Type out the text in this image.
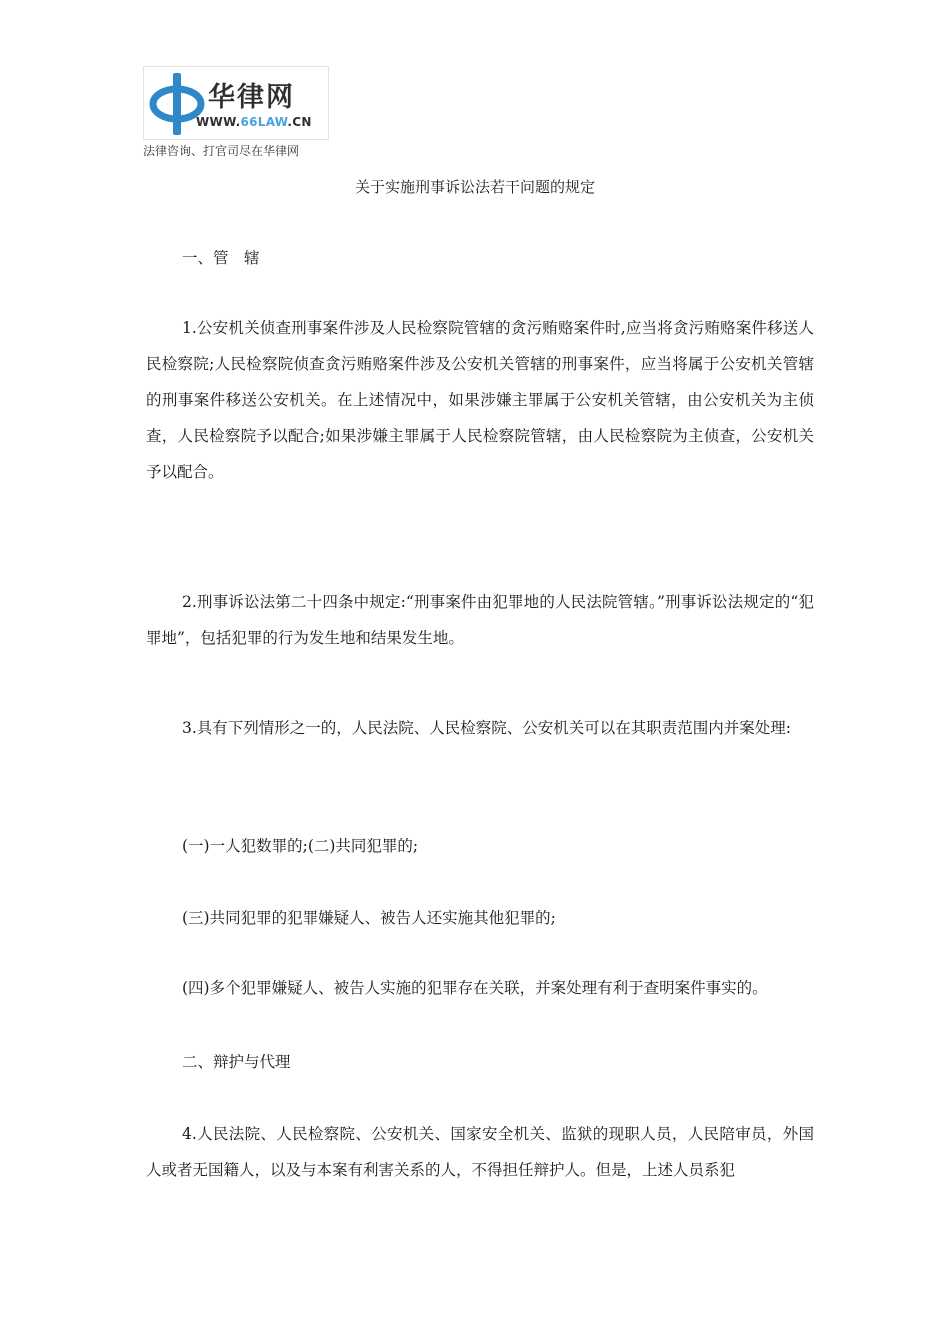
华律网
WWW.66LAW.CN
法律咨询、打官司尽在华律网
关于实施刑事诉讼法若干问题的规定
一、管　辖

1.公安机关侦查刑事案件涉及人民检察院管辖的贪污贿赂案件时,应当将贪污贿赂案件移送人民检察院;人民检察院侦查贪污贿赂案件涉及公安机关管辖的刑事案件，应当将属于公安机关管辖的刑事案件移送公安机关。在上述情况中，如果涉嫌主罪属于公安机关管辖，由公安机关为主侦查，人民检察院予以配合;如果涉嫌主罪属于人民检察院管辖，由人民检察院为主侦查，公安机关予以配合。

2.刑事诉讼法第二十四条中规定:“刑事案件由犯罪地的人民法院管辖。”刑事诉讼法规定的“犯罪地”，包括犯罪的行为发生地和结果发生地。

3.具有下列情形之一的，人民法院、人民检察院、公安机关可以在其职责范围内并案处理:

(一)一人犯数罪的;(二)共同犯罪的;

(三)共同犯罪的犯罪嫌疑人、被告人还实施其他犯罪的;

(四)多个犯罪嫌疑人、被告人实施的犯罪存在关联，并案处理有利于查明案件事实的。

二、辩护与代理

4.人民法院、人民检察院、公安机关、国家安全机关、监狱的现职人员，人民陪审员，外国人或者无国籍人，以及与本案有利害关系的人，不得担任辩护人。但是，上述人员系犯
